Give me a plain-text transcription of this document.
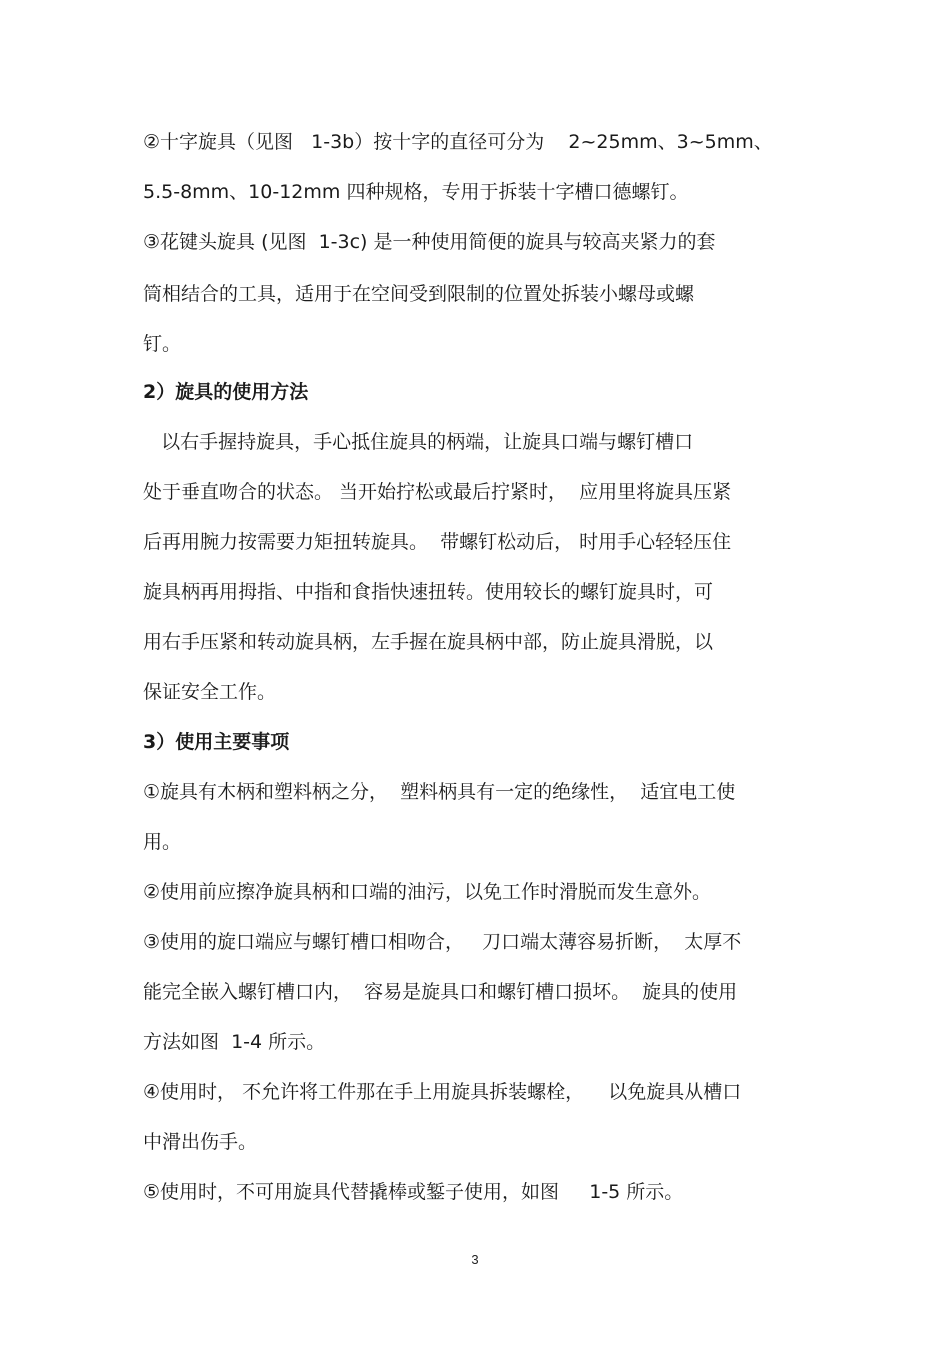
②十字旋具（见图   1-3b）按十字的直径可分为    2~25mm、3~5mm、
5.5-8mm、10-12mm 四种规格，专用于拆装十字槽口德螺钉。
③花键头旋具 (见图  1-3c) 是一种使用简便的旋具与较高夹紧力的套
筒相结合的工具，适用于在空间受到限制的位置处拆装小螺母或螺
钉。
2）旋具的使用方法
以右手握持旋具，手心抵住旋具的柄端，让旋具口端与螺钉槽口
处于垂直吻合的状态。 当开始拧松或最后拧紧时，  应用里将旋具压紧
后再用腕力按需要力矩扭转旋具。  带螺钉松动后， 时用手心轻轻压住
旋具柄再用拇指、中指和食指快速扭转。使用较长的螺钉旋具时，可
用右手压紧和转动旋具柄，左手握在旋具柄中部，防止旋具滑脱，以
保证安全工作。
3）使用主要事项
①旋具有木柄和塑料柄之分，  塑料柄具有一定的绝缘性，  适宜电工使
用。
②使用前应擦净旋具柄和口端的油污，以免工作时滑脱而发生意外。
③使用的旋口端应与螺钉槽口相吻合，   刀口端太薄容易折断，  太厚不
能完全嵌入螺钉槽口内，  容易是旋具口和螺钉槽口损坏。  旋具的使用
方法如图  1-4 所示。
④使用时， 不允许将工件那在手上用旋具拆装螺栓，    以免旋具从槽口
中滑出伤手。
⑤使用时，不可用旋具代替撬棒或錾子使用，如图     1-5 所示。
3
